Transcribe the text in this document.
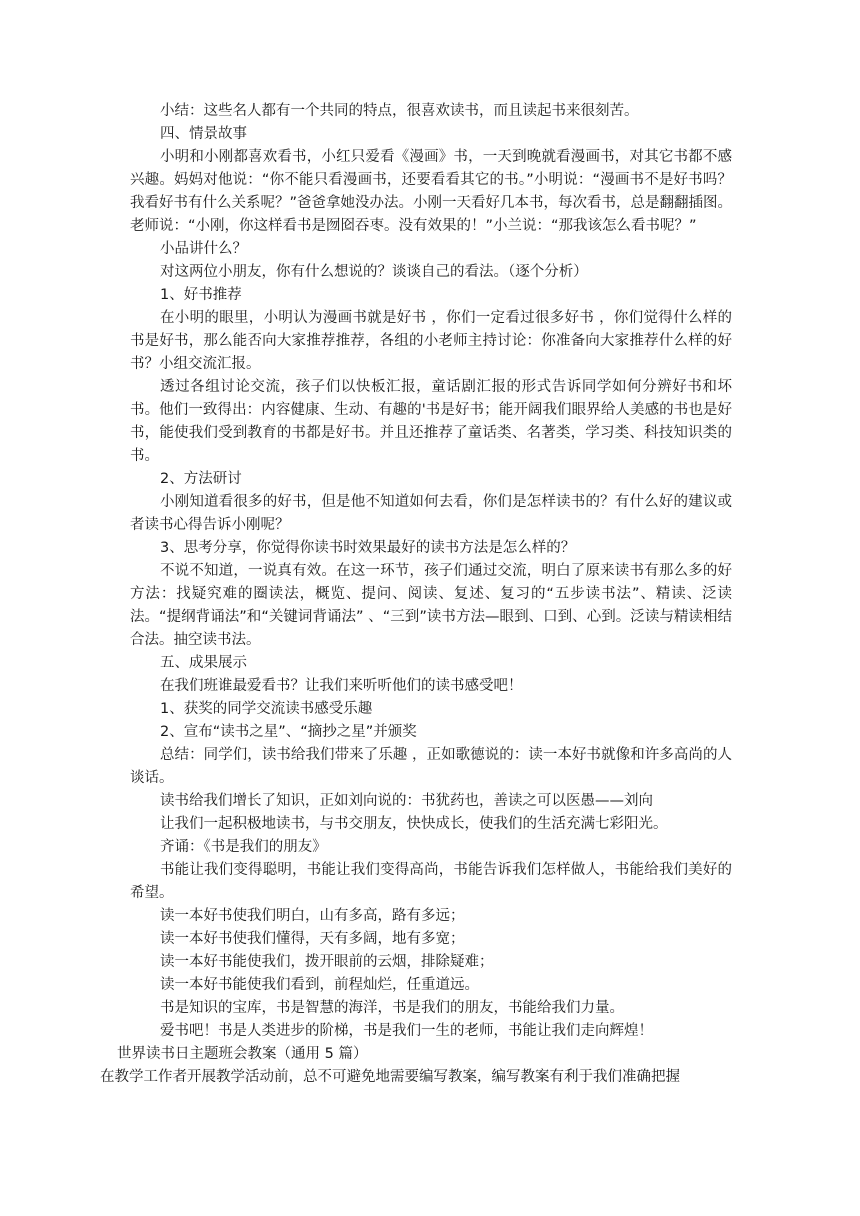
小结：这些名人都有一个共同的特点，很喜欢读书，而且读起书来很刻苦。

四、情景故事

小明和小刚都喜欢看书，小红只爱看《漫画》书，一天到晚就看漫画书，对其它书都不感兴趣。妈妈对他说：“你不能只看漫画书，还要看看其它的书。”小明说：“漫画书不是好书吗？我看好书有什么关系呢？”爸爸拿她没办法。小刚一天看好几本书，每次看书，总是翻翻插图。老师说：“小刚，你这样看书是囫囵吞枣。没有效果的！”小兰说：“那我该怎么看书呢？”

小品讲什么？

对这两位小朋友，你有什么想说的？谈谈自己的看法。（逐个分析）

1、好书推荐

在小明的眼里，小明认为漫画书就是好书 ，你们一定看过很多好书 ，你们觉得什么样的书是好书，那么能否向大家推荐推荐，各组的小老师主持讨论：你准备向大家推荐什么样的好书？小组交流汇报。

透过各组讨论交流，孩子们以快板汇报，童话剧汇报的形式告诉同学如何分辨好书和坏书。他们一致得出：内容健康、生动、有趣的'书是好书；能开阔我们眼界给人美感的书也是好书，能使我们受到教育的书都是好书。并且还推荐了童话类、名著类，学习类、科技知识类的书。

2、方法研讨

小刚知道看很多的好书，但是他不知道如何去看，你们是怎样读书的？有什么好的建议或者读书心得告诉小刚呢？

3、思考分享，你觉得你读书时效果最好的读书方法是怎么样的？

不说不知道，一说真有效。在这一环节，孩子们通过交流，明白了原来读书有那么多的好方法：找疑究难的圈读法，概览、提问、阅读、复述、复习的“五步读书法”、精读、泛读法。“提纲背诵法”和“关键词背诵法” 、“三到”读书方法—眼到、口到、心到。泛读与精读相结合法。抽空读书法。

五、成果展示

在我们班谁最爱看书？让我们来听听他们的读书感受吧！

1、获奖的同学交流读书感受乐趣

2、宣布“读书之星”、“摘抄之星”并颁奖

总结：同学们，读书给我们带来了乐趣 ，正如歌德说的：读一本好书就像和许多高尚的人谈话。

读书给我们增长了知识，正如刘向说的：书犹药也，善读之可以医愚——刘向

让我们一起积极地读书，与书交朋友，快快成长，使我们的生活充满七彩阳光。

齐诵：《书是我们的朋友》

书能让我们变得聪明，书能让我们变得高尚，书能告诉我们怎样做人，书能给我们美好的希望。

读一本好书使我们明白，山有多高，路有多远；

读一本好书使我们懂得，天有多阔，地有多宽；

读一本好书能使我们，拨开眼前的云烟，排除疑难；

读一本好书能使我们看到，前程灿烂，任重道远。

书是知识的宝库，书是智慧的海洋，书是我们的朋友，书能给我们力量。

爱书吧！书是人类进步的阶梯，书是我们一生的老师，书能让我们走向辉煌！

世界读书日主题班会教案（通用 5 篇）

在教学工作者开展教学活动前，总不可避免地需要编写教案，编写教案有利于我们准确把握
